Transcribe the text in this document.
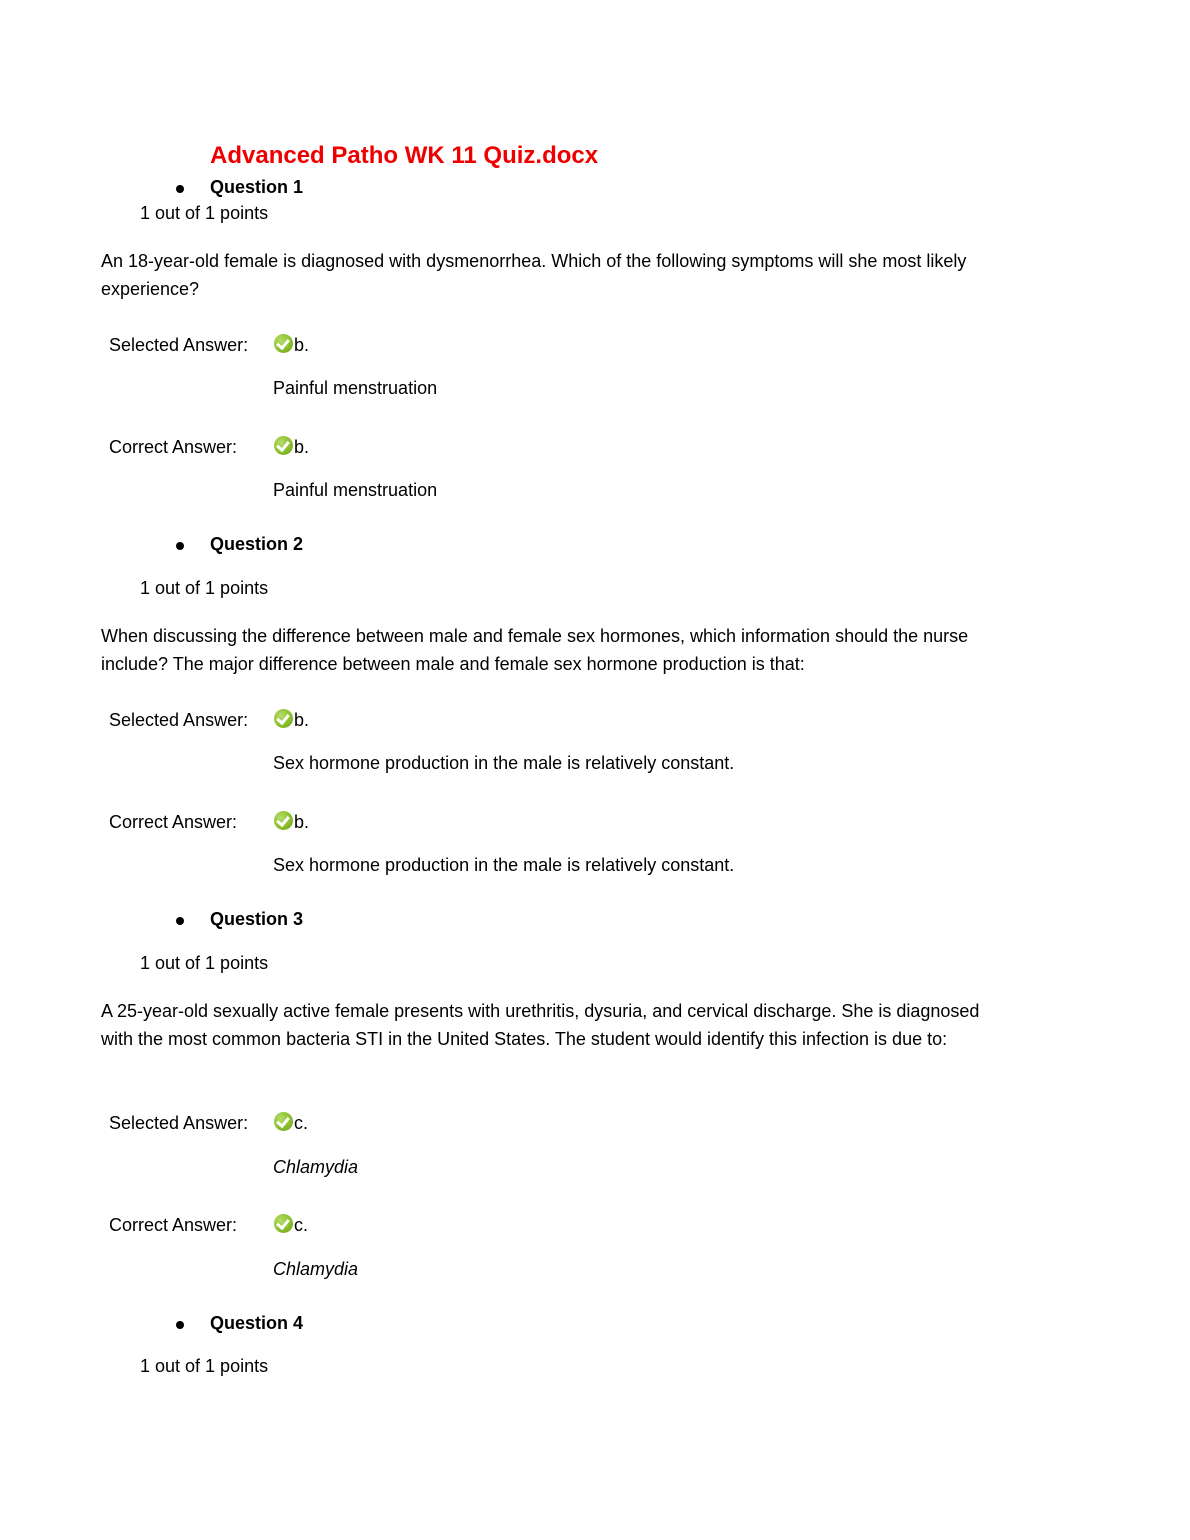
Advanced Patho WK 11 Quiz.docx
Question 1
1 out of 1 points
An 18-year-old female is diagnosed with dysmenorrhea. Which of the following symptoms will she most likely experience?
Selected Answer:	b.
Painful menstruation
Correct Answer:	b.
Painful menstruation
Question 2
1 out of 1 points
When discussing the difference between male and female sex hormones, which information should the nurse include? The major difference between male and female sex hormone production is that:
Selected Answer:	b.
Sex hormone production in the male is relatively constant.
Correct Answer:	b.
Sex hormone production in the male is relatively constant.
Question 3
1 out of 1 points
A 25-year-old sexually active female presents with urethritis, dysuria, and cervical discharge. She is diagnosed with the most common bacteria STI in the United States. The student would identify this infection is due to:
Selected Answer:	c.
Chlamydia
Correct Answer:	c.
Chlamydia
Question 4
1 out of 1 points
